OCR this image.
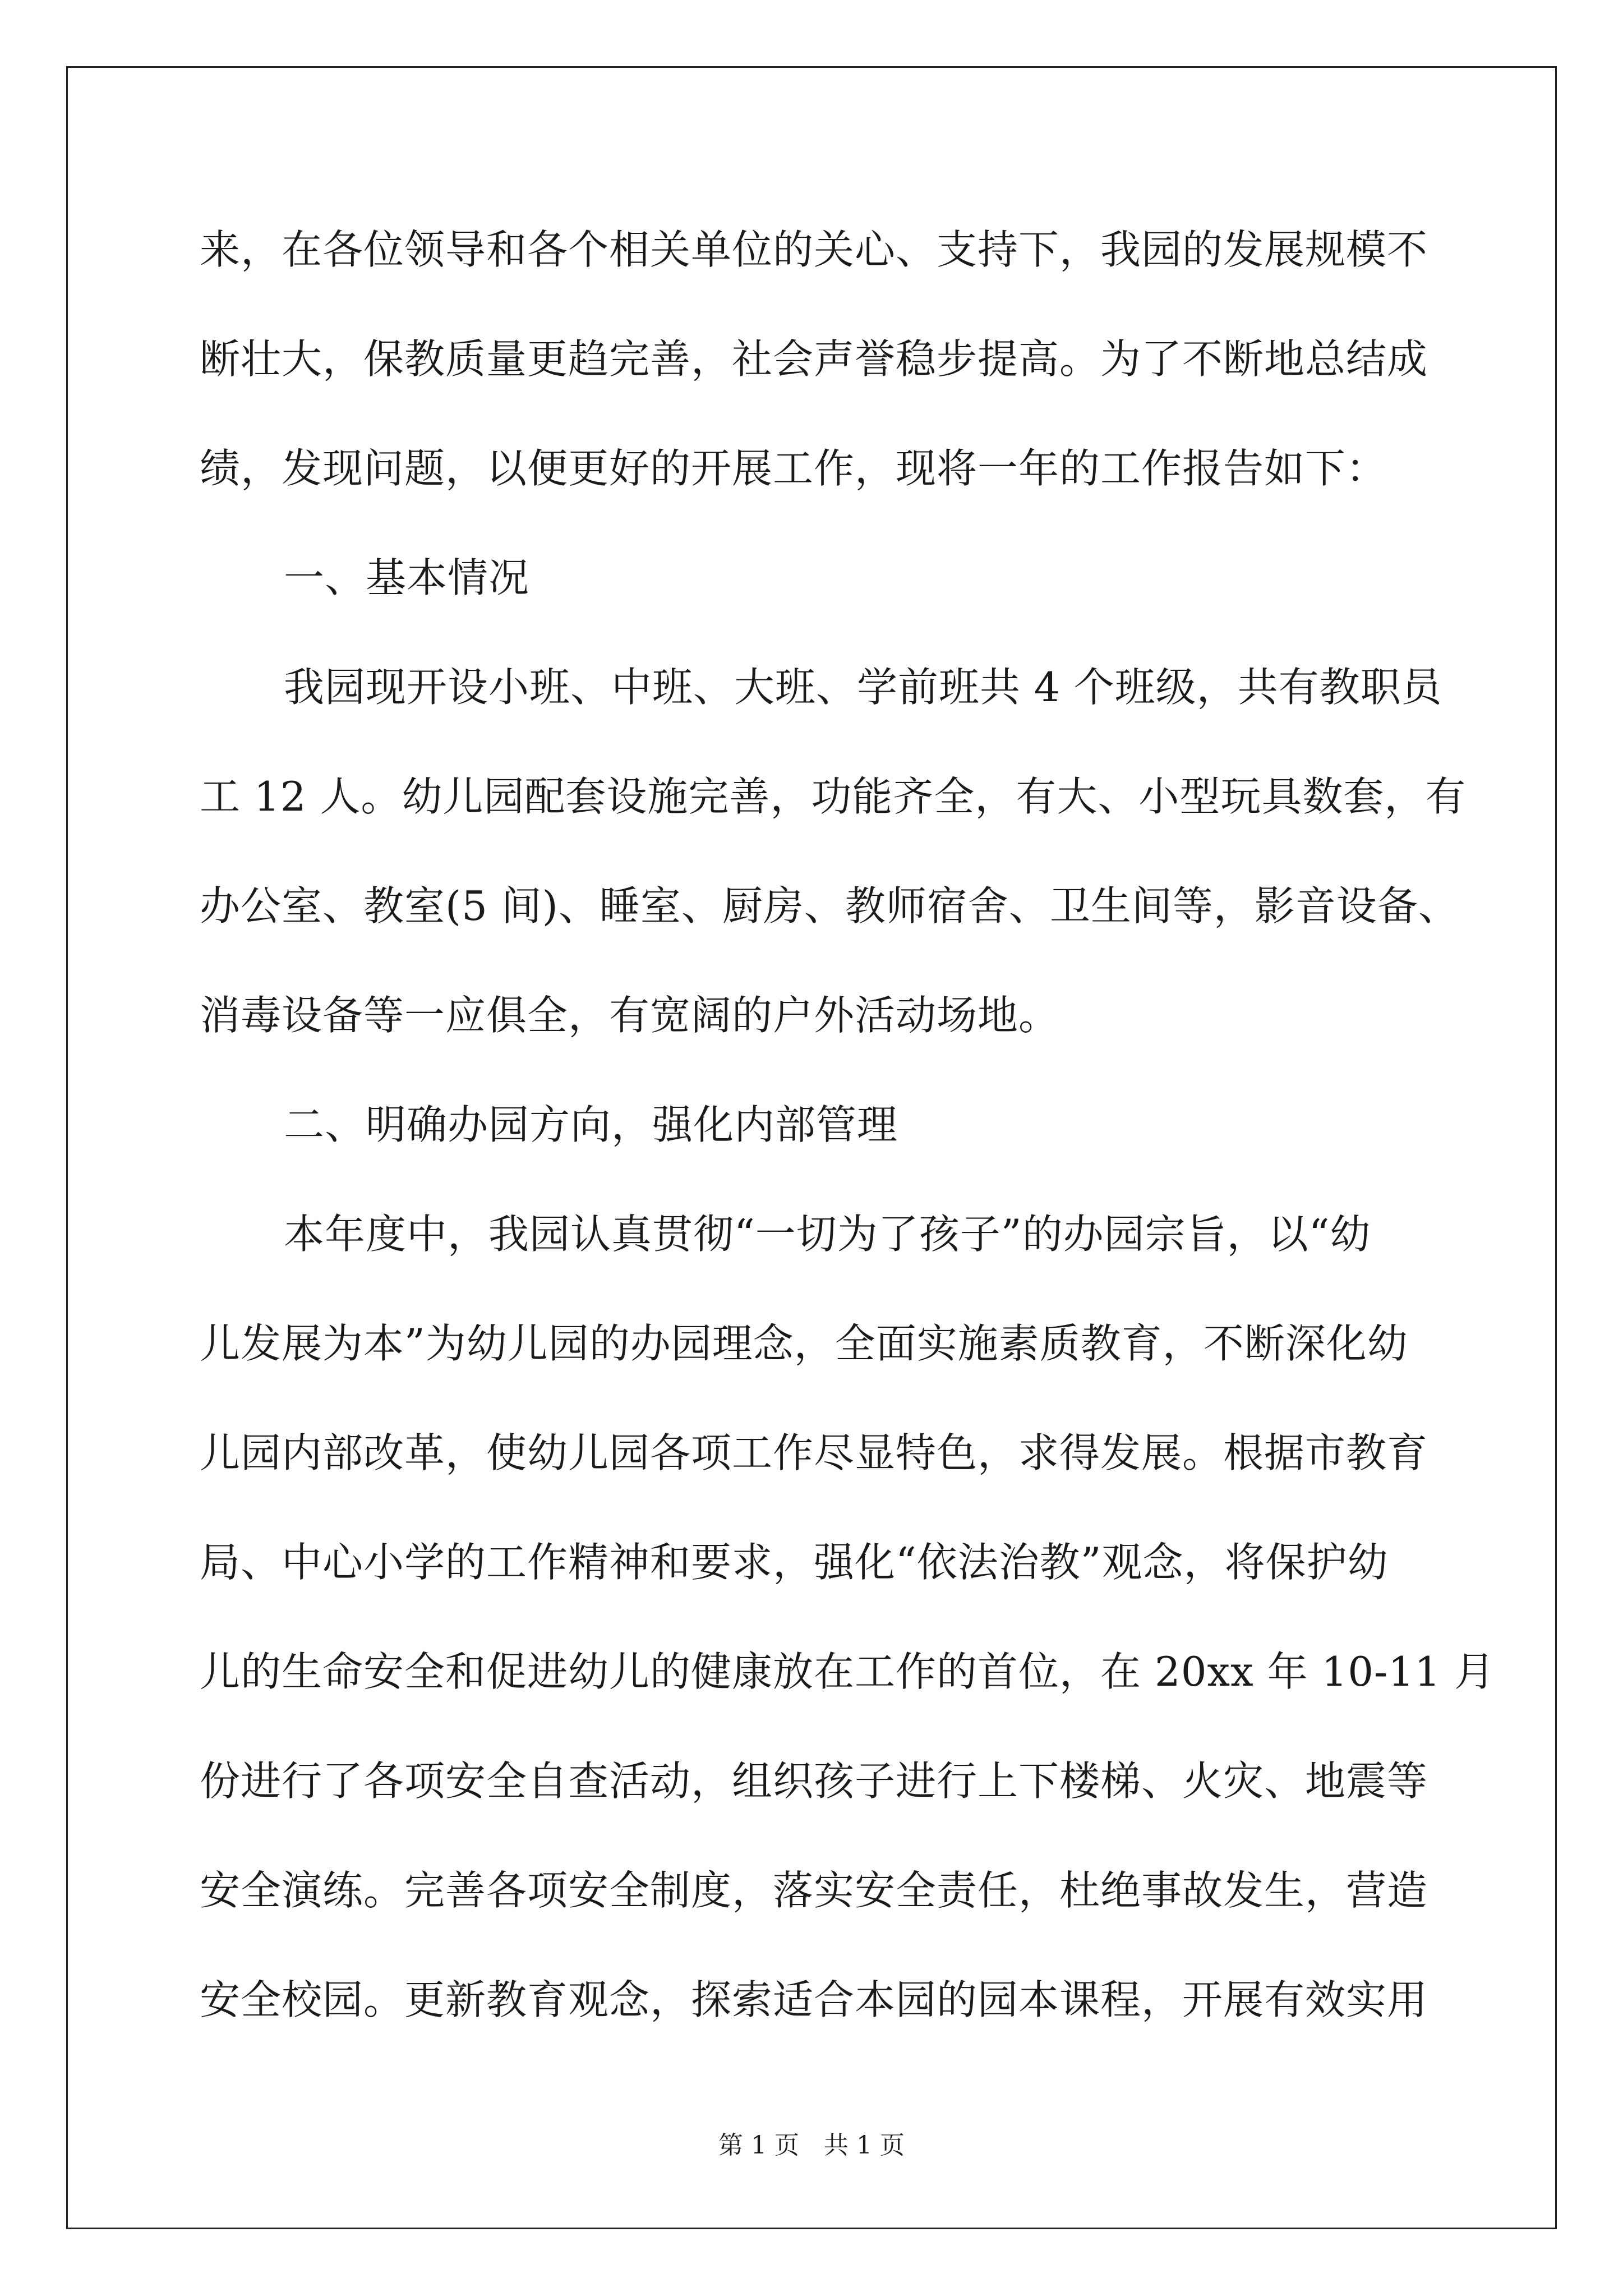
来，在各位领导和各个相关单位的关心、支持下，我园的发展规模不
断壮大，保教质量更趋完善，社会声誉稳步提高。为了不断地总结成
绩，发现问题，以便更好的开展工作，现将一年的工作报告如下：
一、基本情况
我园现开设小班、中班、大班、学前班共 4 个班级，共有教职员
工 12 人。幼儿园配套设施完善，功能齐全，有大、小型玩具数套，有
办公室、教室(5 间)、睡室、厨房、教师宿舍、卫生间等，影音设备、
消毒设备等一应俱全，有宽阔的户外活动场地。
二、明确办园方向，强化内部管理
本年度中，我园认真贯彻“一切为了孩子”的办园宗旨，以“幼
儿发展为本”为幼儿园的办园理念，全面实施素质教育，不断深化幼
儿园内部改革，使幼儿园各项工作尽显特色，求得发展。根据市教育
局、中心小学的工作精神和要求，强化“依法治教”观念，将保护幼
儿的生命安全和促进幼儿的健康放在工作的首位，在 20xx 年 10-11 月
份进行了各项安全自查活动，组织孩子进行上下楼梯、火灾、地震等
安全演练。完善各项安全制度，落实安全责任，杜绝事故发生，营造
安全校园。更新教育观念，探索适合本园的园本课程，开展有效实用
第 1 页　共 1 页
